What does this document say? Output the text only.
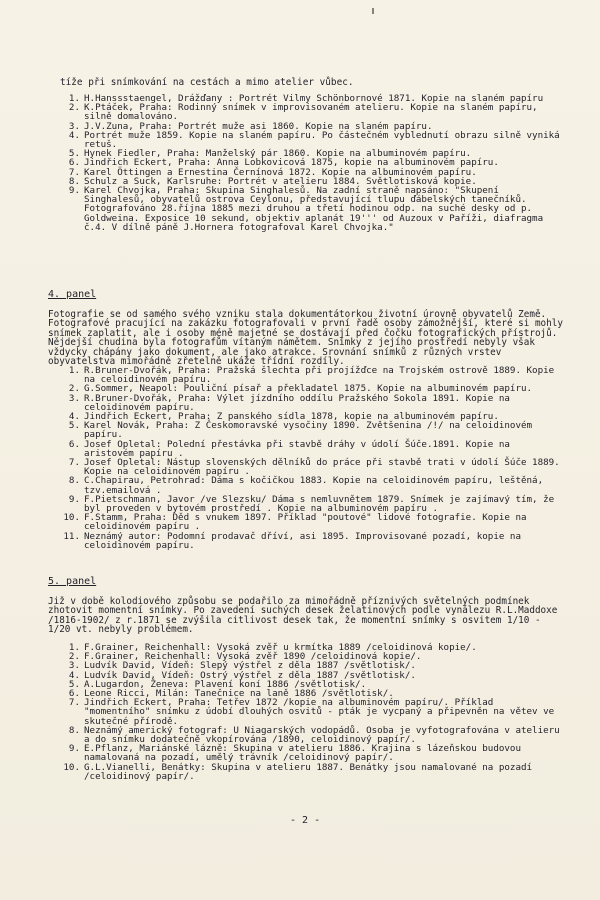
tíže při snímkování na cestách a mimo atelier vůbec.
1. H.Hanssstaengel, Drážďany : Portrét Vilmy Schönbornové 1871. Kopie na slaném papíru
2. K.Ptáček, Praha: Rodinný snímek v improvisovaném atelieru. Kopie na slaném papíru, silně domalováno.
3. J.V.Zuna, Praha: Portrét muže asi 1860. Kopie na slaném papíru.
4. Portrét muže 1859. Kopie na slaném papíru. Po částečném vyblednutí obrazu silně vyniká retuš.
5. Hynek Fiedler, Praha: Manželský pár 1860. Kopie na albuminovém papíru.
6. Jindřich Eckert, Praha: Anna Lobkovicová 1875, kopie na albuminovém papíru.
7. Karel Öttingen a Ernestina Černínová 1872. Kopie na albuminovém papíru.
8. Schulz a Suck, Karlsruhe: Portrét v atelieru 1884. Světlotisková kopie.
9. Karel Chvojka, Praha: Skupina Singhalesů. Na zadní straně napsáno: "Skupení Singhalesů, obyvatelů ostrova Ceylonu, představující tlupu ďábelských tanečníků. Fotografováno 28.října 1885 mezi druhou a třetí hodinou odp. na suché desky od p. Goldweina. Exposice 10 sekund, objektiv aplanát 19''' od Auzoux v Paříži, diafragma č.4. V dílně páně J.Hornera fotografoval Karel Chvojka."
4. panel
Fotografie se od samého svého vzniku stala dokumentátorkou životní úrovně obyvatelů Země. Fotografové pracující na zakázku fotografovali v první řadě osoby zámožnější, které si mohly snímek zaplatit, ale i osoby méně majetné se dostávají před čočku fotografických přístrojů. Nějdejší chudina byla fotografům vítaným námětem. Snímky z jejího prostředí nebyly však vždycky chápány jako dokument, ale jako atrakce. Srovnání snímků z různých vrstev obyvatelstva mimořádně zřetelně ukáže třídní rozdíly.
1. R.Bruner-Dvořák, Praha: Pražská šlechta při projížďce na Trojském ostrově 1889. Kopie na celoidinovém papíru.
2. G.Sommer, Neapol: Pouliční písař a překladatel 1875. Kopie na albuminovém papíru.
3. R.Bruner-Dvořák, Praha: Výlet jízdního oddílu Pražského Sokola 1891. Kopie na celoidinovém papíru.
4. Jindřich Eckert, Praha: Z panského sídla 1878, kopie na albuminovém papíru.
5. Karel Novák, Praha: Z Českomoravské vysočiny 1890. Zvětšenina /!/ na celoidinovém papíru.
6. Josef Opletal: Polední přestávka při stavbě dráhy v údolí Šúče.1891. Kopie na aristovém papíru .
7. Josef Opletal: Nástup slovenských dělníků do práce při stavbě trati v údolí Šúče 1889. Kopie na celoidinovém papíru .
8. C.Chapirau, Petrohrad: Dáma s kočičkou 1883. Kopie na celoidinovém papíru, leštěná, tzv.emailová .
9. F.Pietschmann, Javor /ve Slezsku/ Dáma s nemluvnětem 1879. Snímek je zajímavý tím, že byl proveden v bytovém prostředí . Kopie na albuminovém papíru .
10. F.Stamm, Praha: Děd s vnukem 1897. Příklad "poutové" lidové fotografie. Kopie na celoidinovém papíru .
11. Neznámý autor: Podomní prodavač dříví, asi 1895. Improvisované pozadí, kopie na celoidinovém papíru.
5. panel
Již v době kolodiového způsobu se podařilo za mimořádně příznivých světelných podmínek zhotovit momentní snímky. Po zavedení suchých desek želatinových podle vynálezu R.L.Maddoxe /1816-1902/ z r.1871 se zvýšila citlivost desek tak, že momentní snímky s osvitem 1/10 - 1/20 vt. nebyly problémem.
1. F.Grainer, Reichenhall: Vysoká zvěř u krmítka 1889 /celoidinová kopie/.
2. F.Grainer, Reichenhall: Vysoká zvěř 1890 /celoidinová kopie/.
3. Ludvík David, Vídeň: Slepý výstřel z děla 1887 /světlotisk/.
4. Ludvík David, Vídeň: Ostrý výstřel z děla 1887 /světlotisk/.
5. A.Lugardon, Ženeva: Plavení koní 1886 /světlotisk/.
6. Leone Ricci, Milán: Tanečnice na laně 1886 /světlotisk/.
7. Jindřich Eckert, Praha: Tetřev 1872 /kopie na albuminovém papíru/. Příklad "momentního" snímku z údobí dlouhých osvitů - pták je vycpaný a připevněn na větev ve skutečné přírodě.
8. Neznámý americký fotograf: U Niagarských vodopádů. Osoba je vyfotografována v atelieru a do snímku dodatečně vkopírována /1890, celoidinový papír/.
9. E.Pflanz, Mariánské lázně: Skupina v atelieru 1886. Krajina s lázeňskou budovou namalovaná na pozadí, umělý trávník /celoidinový papír/.
10. G.L.Vianelli, Benátky: Skupina v atelieru 1887. Benátky jsou namalované na pozadí /celoidinový papír/.
- 2 -
